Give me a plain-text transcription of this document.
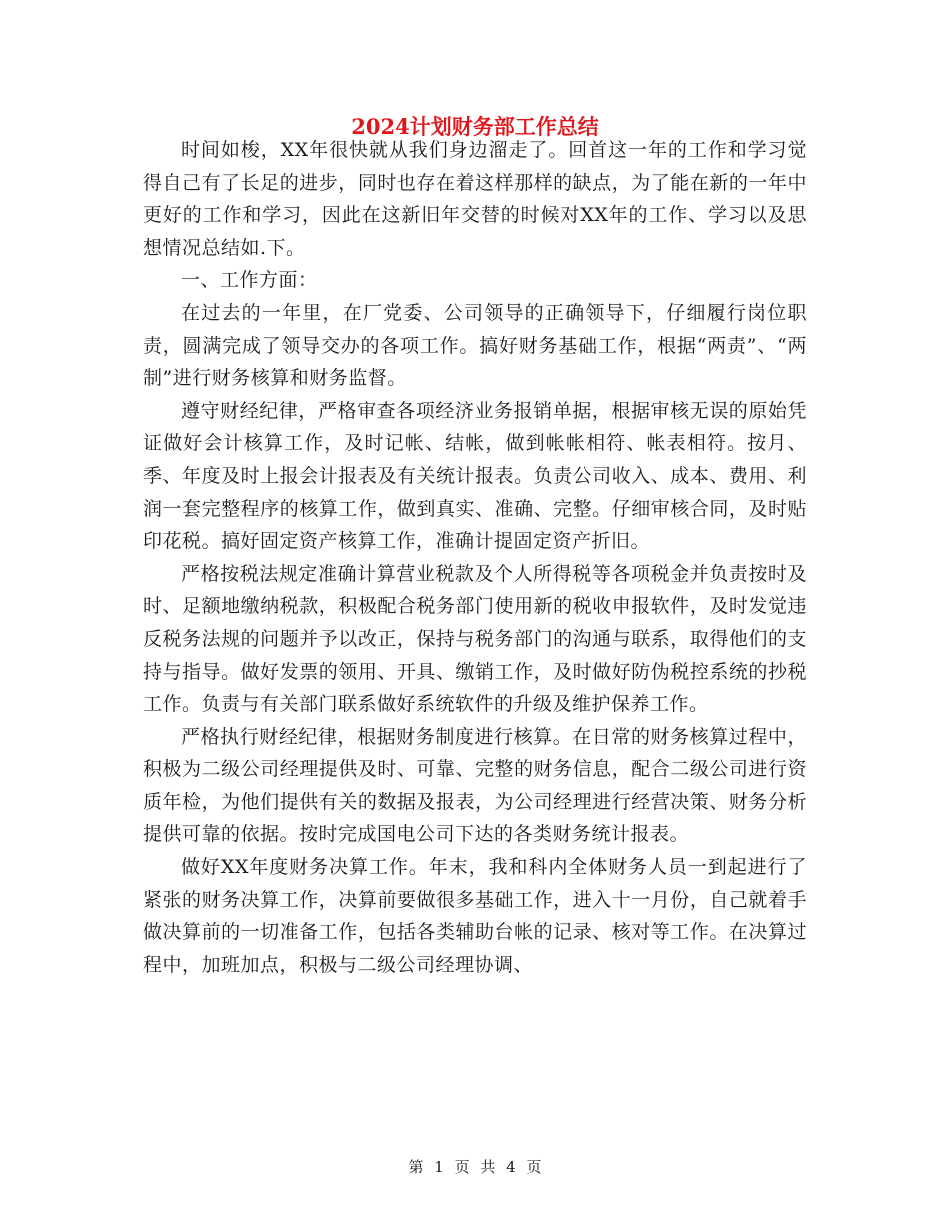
2024计划财务部工作总结

时间如梭，XX年很快就从我们身边溜走了。回首这一年的工作和学习觉得自己有了长足的进步，同时也存在着这样那样的缺点，为了能在新的一年中更好的工作和学习，因此在这新旧年交替的时候对XX年的工作、学习以及思想情况总结如.下。

一、工作方面：

在过去的一年里，在厂党委、公司领导的正确领导下，仔细履行岗位职责，圆满完成了领导交办的各项工作。搞好财务基础工作，根据“两责”、“两制”进行财务核算和财务监督。

遵守财经纪律，严格审查各项经济业务报销单据，根据审核无误的原始凭证做好会计核算工作，及时记帐、结帐，做到帐帐相符、帐表相符。按月、季、年度及时上报会计报表及有关统计报表。负责公司收入、成本、费用、利润一套完整程序的核算工作，做到真实、准确、完整。仔细审核合同，及时贴印花税。搞好固定资产核算工作，准确计提固定资产折旧。

严格按税法规定准确计算营业税款及个人所得税等各项税金并负责按时及时、足额地缴纳税款，积极配合税务部门使用新的税收申报软件，及时发觉违反税务法规的问题并予以改正，保持与税务部门的沟通与联系，取得他们的支持与指导。做好发票的领用、开具、缴销工作，及时做好防伪税控系统的抄税工作。负责与有关部门联系做好系统软件的升级及维护保养工作。

严格执行财经纪律，根据财务制度进行核算。在日常的财务核算过程中，积极为二级公司经理提供及时、可靠、完整的财务信息，配合二级公司进行资质年检，为他们提供有关的数据及报表，为公司经理进行经营决策、财务分析提供可靠的依据。按时完成国电公司下达的各类财务统计报表。

做好XX年度财务决算工作。年末，我和科内全体财务人员一到起进行了紧张的财务决算工作，决算前要做很多基础工作，进入十一月份，自己就着手做决算前的一切准备工作，包括各类辅助台帐的记录、核对等工作。在决算过程中，加班加点，积极与二级公司经理协调、

第 1 页 共 4 页
